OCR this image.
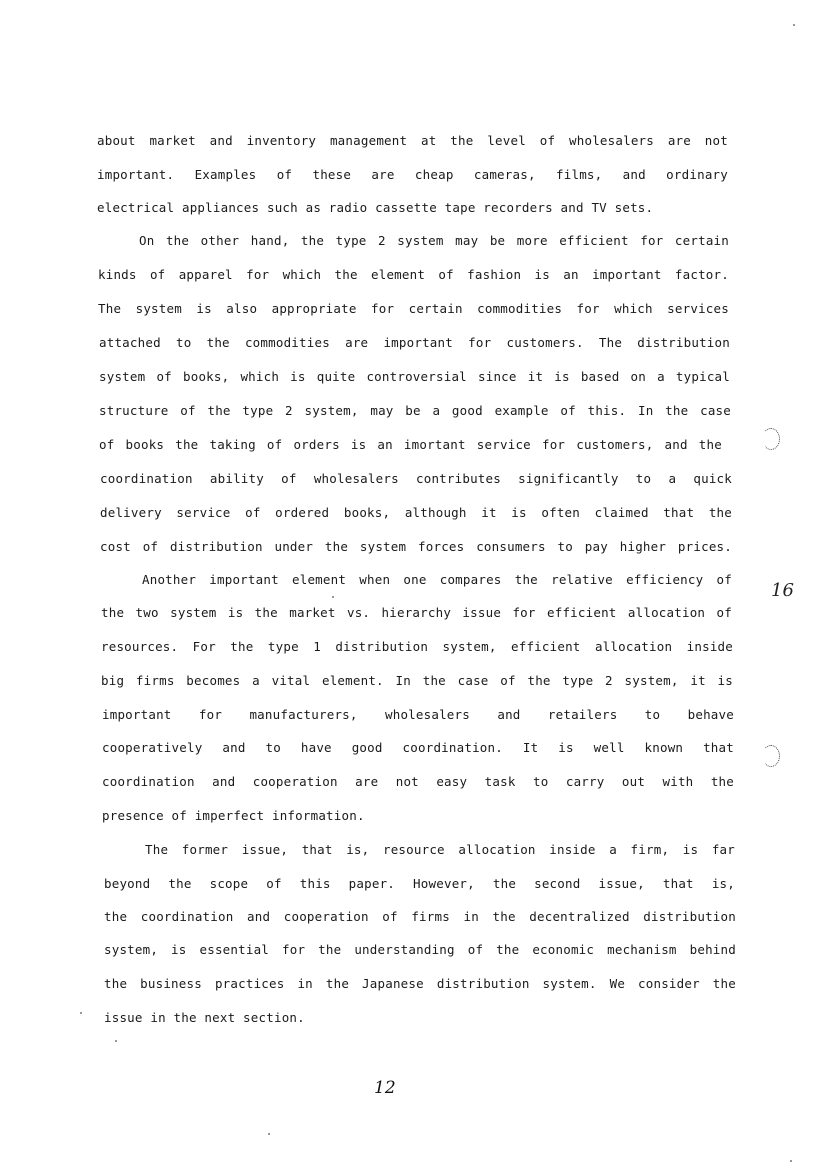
about market and inventory management at the level of wholesalers are not
important. Examples of these are cheap cameras, films, and ordinary
electrical appliances such as radio cassette tape recorders and TV sets.
On the other hand, the type 2 system may be more efficient for certain
kinds of apparel for which the element of fashion is an important factor.
The system is also appropriate for certain commodities for which services
attached to the commodities are important for customers. The distribution
system of books, which is quite controversial since it is based on a typical
structure of the type 2 system, may be a good example of this. In the case
of books the taking of orders is an imortant service for customers, and the
coordination ability of wholesalers contributes significantly to a quick
delivery service of ordered books, although it is often claimed that the
cost of distribution under the system forces consumers to pay higher prices.
Another important element when one compares the relative efficiency of
the two system is the market vs. hierarchy issue for efficient allocation of
resources. For the type 1 distribution system, efficient allocation inside
big firms becomes a vital element. In the case of the type 2 system, it is
important for manufacturers, wholesalers and retailers to behave
cooperatively and to have good coordination. It is well known that
coordination and cooperation are not easy task to carry out with the
presence of imperfect information.
The former issue, that is, resource allocation inside a firm, is far
beyond the scope of this paper. However, the second issue, that is,
the coordination and cooperation of firms in the decentralized distribution
system, is essential for the understanding of the economic mechanism behind
the business practices in the Japanese distribution system. We consider the
issue in the next section.
16
12
